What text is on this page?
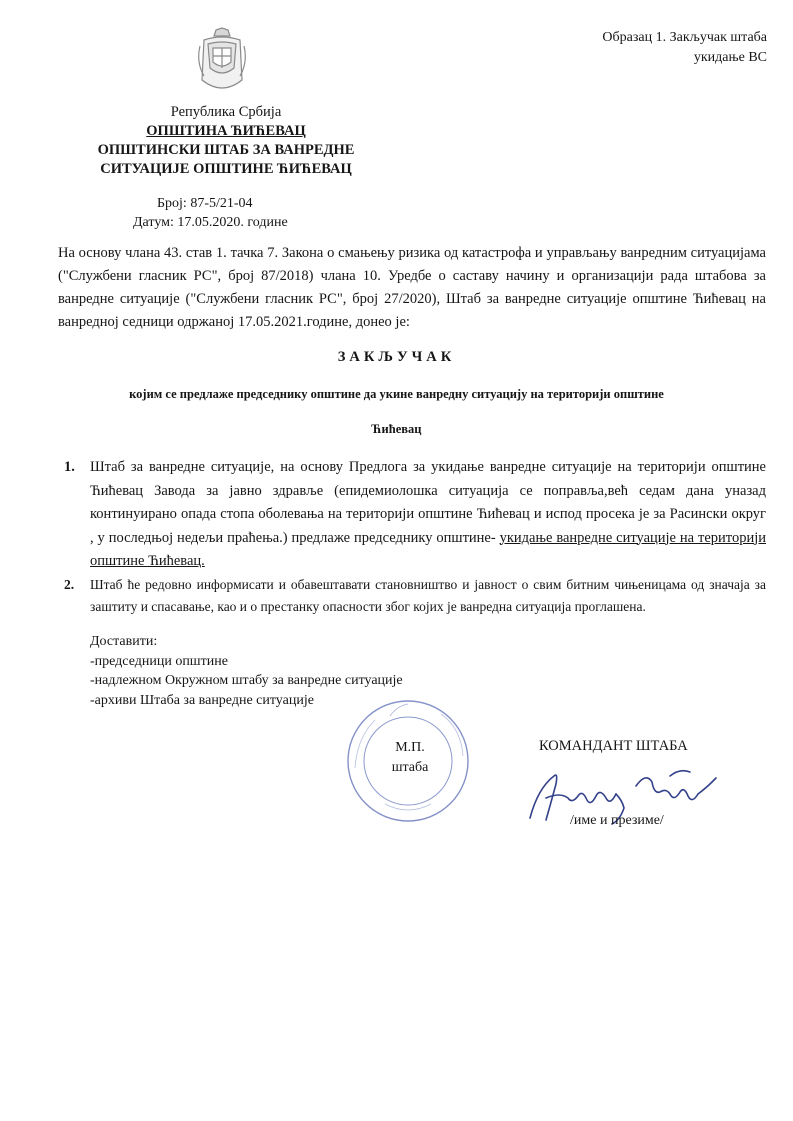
Образац 1. Закључак штаба
укидање ВС
Република Србија
ОПШТИНА ЋИЋЕВАЦ
ОПШТИНСКИ ШТАБ ЗА ВАНРЕДНЕ
СИТУАЦИЈЕ ОПШТИНЕ ЋИЋЕВАЦ
Број: 87-5/21-04
Датум: 17.05.2020. године
На основу члана 43. став 1. тачка 7. Закона о смањењу ризика од катастрофа и управљању ванредним ситуацијама ("Службени гласник РС", број 87/2018) члана 10. Уредбе о саставу начину и организацији рада штабова за ванредне ситуације ("Службени гласник РС", број 27/2020), Штаб за ванредне ситуације општине Ћићевац на ванредној седници одржаној 17.05.2021.године, донео је:
ЗАКЉУЧАК
којим се предлаже председнику општине да укине ванредну ситуацију на територији општине
Ћићевац
1. Штаб за ванредне ситуације, на основу Предлога за укидање ванредне ситуације на територији општине Ћићевац Завода за јавно здравље (епидемиолошка ситуација се поправља,већ седам дана уназад континуирано опада стопа оболевања на територији општине Ћићевац и испод просека је за Расински округ , у последњој недељи праћења.) предлаже председнику општине- укидање ванредне ситуације на територији општине Ћићевац.
2. Штаб ће редовно информисати и обавештавати становништво и јавност о свим битним чињеницама од значаја за заштиту и спасавање, као и о престанку опасности због којих је ванредна ситуација проглашена.
Доставити:
-председници општине
-надлежном Окружном штабу за ванредне ситуације
-архиви Штаба за ванредне ситуације
М.П.
штаба
КОМАНДАНТ ШТАБА
/име и презиме/
